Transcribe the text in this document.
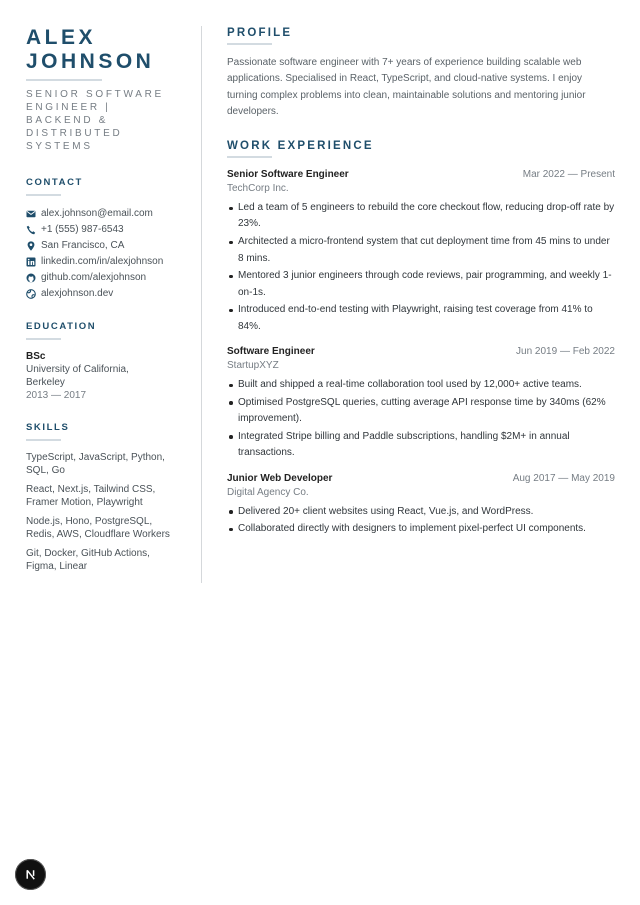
ALEX
JOHNSON
SENIOR SOFTWARE
ENGINEER |
BACKEND &
DISTRIBUTED
SYSTEMS
CONTACT
alex.johnson@email.com
+1 (555) 987-6543
San Francisco, CA
linkedin.com/in/alexjohnson
github.com/alexjohnson
alexjohnson.dev
EDUCATION
BSc
University of California,
Berkeley
2013 — 2017
SKILLS
TypeScript, JavaScript, Python,
SQL, Go
React, Next.js, Tailwind CSS,
Framer Motion, Playwright
Node.js, Hono, PostgreSQL,
Redis, AWS, Cloudflare Workers
Git, Docker, GitHub Actions,
Figma, Linear
PROFILE

Passionate software engineer with 7+ years of experience building scalable web applications. Specialised in React, TypeScript, and cloud-native systems. I enjoy turning complex problems into clean, maintainable solutions and mentoring junior developers.

WORK EXPERIENCE
Senior Software Engineer	Mar 2022 — Present
TechCorp Inc.
Led a team of 5 engineers to rebuild the core checkout flow, reducing drop-off rate by 23%.
Architected a micro-frontend system that cut deployment time from 45 mins to under 8 mins.
Mentored 3 junior engineers through code reviews, pair programming, and weekly 1-on-1s.
Introduced end-to-end testing with Playwright, raising test coverage from 41% to 84%.
Software Engineer	Jun 2019 — Feb 2022
StartupXYZ
Built and shipped a real-time collaboration tool used by 12,000+ active teams.
Optimised PostgreSQL queries, cutting average API response time by 340ms (62% improvement).
Integrated Stripe billing and Paddle subscriptions, handling $2M+ in annual transactions.
Junior Web Developer	Aug 2017 — May 2019
Digital Agency Co.
Delivered 20+ client websites using React, Vue.js, and WordPress.
Collaborated directly with designers to implement pixel-perfect UI components.
